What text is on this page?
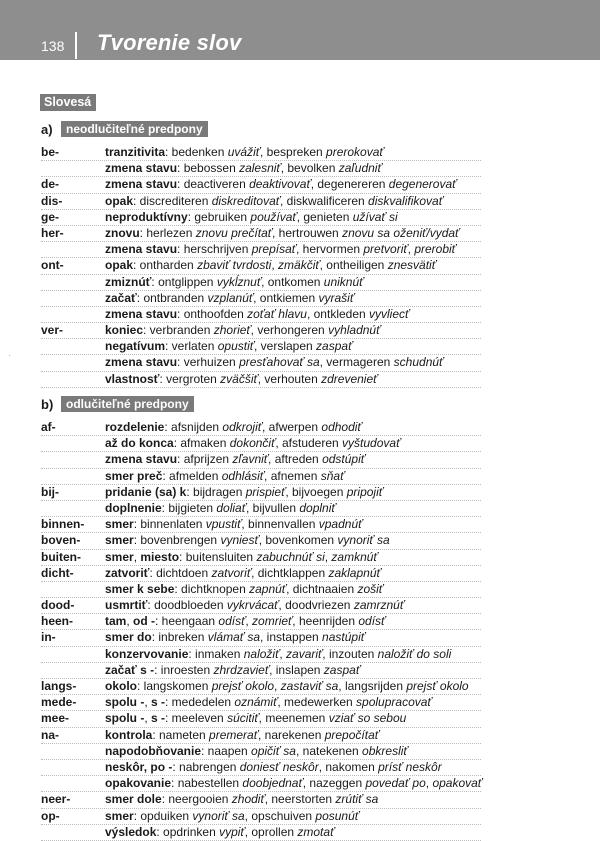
138 Tvorenie slov
Slovesá
a)	neodlučiteľné predpony
be-	tranzitivita: bedenken uvážiť, bespreken prerokovať
zmena stavu: bebossen zalesniť, bevolken zaľudniť
de-	zmena stavu: deactiveren deaktivovať, degenereren degenerovať
dis-	opak: discrediteren diskreditovať, diskwalificeren diskvalifikovať
ge-	neproduktívny: gebruiken používať, genieten užívať si
her-	znovu: herlezen znovu prečítať, hertrouwen znovu sa oženiť/vydať
zmena stavu: herschrijven prepísať, hervormen pretvoriť, prerobiť
ont-	opak: ontharden zbaviť tvrdosti, zmäkčiť, ontheiligen znesvätiť
zmiznúť: ontglippen vykĺznuť, ontkomen uniknúť
začať: ontbranden vzplanúť, ontkiemen vyrašiť
zmena stavu: onthoofden zoťať hlavu, ontkleden vyvliecť
ver-	koniec: verbranden zhorieť, verhongeren vyhladnúť
negatívum: verlaten opustiť, verslapen zaspať
zmena stavu: verhuizen presťahovať sa, vermageren schudnúť
vlastnosť: vergroten zväčšiť, verhouten zdrevenieť
b)	odlučiteľné predpony
af-	rozdelenie: afsnijden odkrojiť, afwerpen odhodiť
až do konca: afmaken dokončiť, afstuderen vyštudovať
zmena stavu: afprijzen zľavniť, aftreden odstúpiť
smer preč: afmelden odhlásiť, afnemen sňať
bij-	pridanie (sa) k: bijdragen prispieť, bijvoegen pripojiť
doplnenie: bijgieten doliať, bijvullen doplniť
binnen- smer: binnenlaten vpustiť, binnenvallen vpadnúť
boven- smer: bovenbrengen vyniesť, bovenkomen vynoriť sa
buiten- smer, miesto: buitensluiten zabuchnúť si, zamknúť
dicht-	zatvoriť: dichtdoen zatvoriť, dichtklappen zaklapnúť
smer k sebe: dichtknopen zapnúť, dichtnaaien zošiť
dood-	usmrtiť: doodbloeden vykrvácať, doodvriezen zamrznúť
heen-	tam, od -: heengaan odísť, zomrieť, heenrijden odísť
in-	smer do: inbreken vlámať sa, instappen nastúpiť
konzervovanie: inmaken naložiť, zavariť, inzouten naložiť do soli
začať s -: inroesten zhrdzavieť, inslapen zaspať
langs- okolo: langskomen prejsť okolo, zastaviť sa, langsrijden prejsť okolo
mede- spolu -, s -: mededelen oznámiť, medewerken spolupracovať
mee-	spolu -, s -: meeleven súcitiť, meenemen vziať so sebou
na-	kontrola: nameten premerať, narekenen prepočítať
napodobňovanie: naapen opičiť sa, natekenen obkresliť
neskôr, po -: nabrengen doniesť neskôr, nakomen prísť neskôr
opakovanie: nabestellen doobjednať, nazeggen povedať po, opakovať
neer-	smer dole: neergooien zhodiť, neerstorten zrútiť sa
op-	smer: opduiken vynoriť sa, opschuiven posunúť
výsledok: opdrinken vypiť, oprollen zmotať
·
